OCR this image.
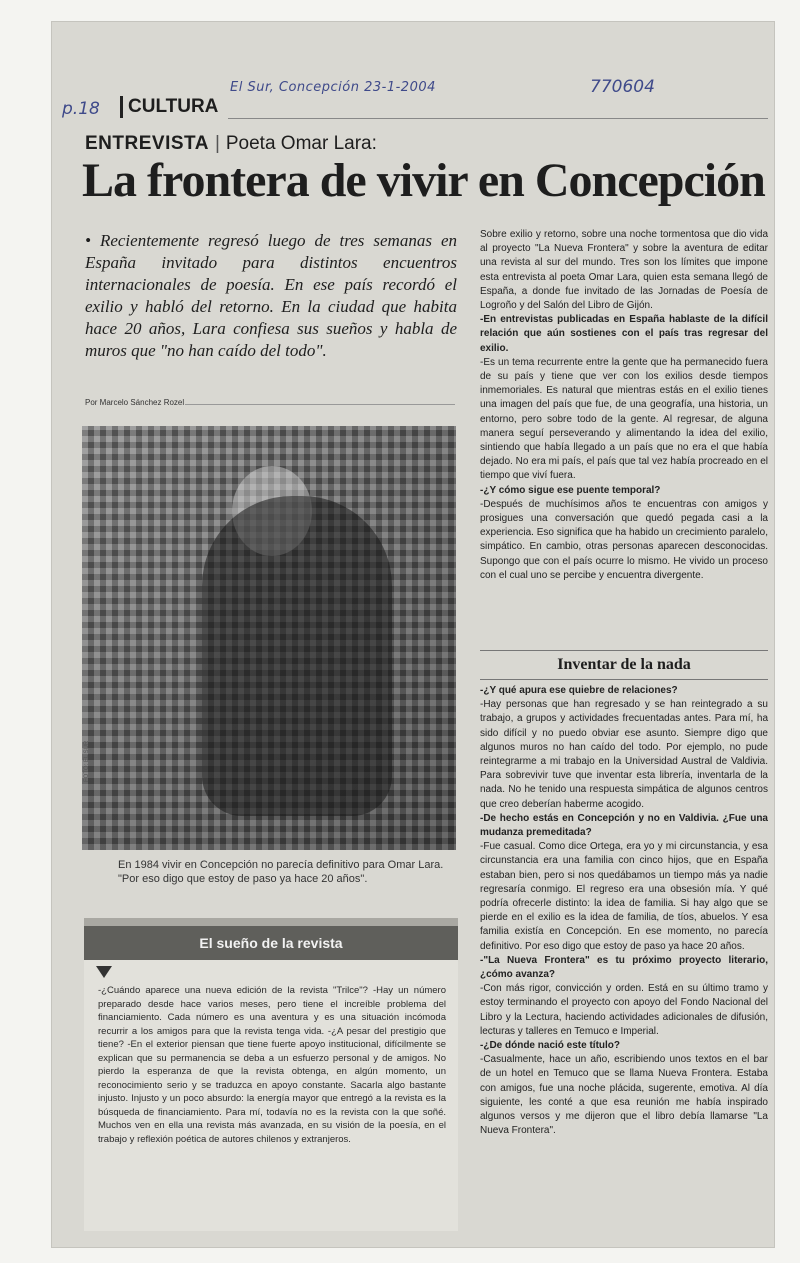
El Sur, Concepción 23-1-2004	770604
p.18	CULTURA
ENTREVISTA | Poeta Omar Lara:
La frontera de vivir en Concepción

• Recientemente regresó luego de tres semanas en España invitado para distintos encuentros internacionales de poesía. En ese país recordó el exilio y habló del retorno. En la ciudad que habita hace 20 años, Lara confiesa sus sueños y habla de muros que "no han caído del todo".

Por Marcelo Sánchez Rozel
FOTO: EL SUR

En 1984 vivir en Concepción no parecía definitivo para Omar Lara. "Por eso digo que estoy de paso ya hace 20 años".

El sueño de la revista

-¿Cuándo aparece una nueva edición de la revista "Trilce"? -Hay un número preparado desde hace varios meses, pero tiene el increíble problema del financiamiento. Cada número es una aventura y es una situación incómoda recurrir a los amigos para que la revista tenga vida. -¿A pesar del prestigio que tiene? -En el exterior piensan que tiene fuerte apoyo institucional, difícilmente se explican que su permanencia se deba a un esfuerzo personal y de amigos. No pierdo la esperanza de que la revista obtenga, en algún momento, un reconocimiento serio y se traduzca en apoyo constante. Sacarla algo bastante injusto. Injusto y un poco absurdo: la energía mayor que entregó a la revista es la búsqueda de financiamiento. Para mí, todavía no es la revista con la que soñé. Muchos ven en ella una revista más avanzada, en su visión de la poesía, en el trabajo y reflexión poética de autores chilenos y extranjeros.

Sobre exilio y retorno, sobre una noche tormentosa que dio vida al proyecto "La Nueva Frontera" y sobre la aventura de editar una revista al sur del mundo. Tres son los límites que impone esta entrevista al poeta Omar Lara, quien esta semana llegó de España, a donde fue invitado de las Jornadas de Poesía de Logroño y del Salón del Libro de Gijón.

-En entrevistas publicadas en España hablaste de la difícil relación que aún sostienes con el país tras regresar del exilio.

-Es un tema recurrente entre la gente que ha permanecido fuera de su país y tiene que ver con los exilios desde tiempos inmemoriales. Es natural que mientras estás en el exilio tienes una imagen del país que fue, de una geografía, una historia, un entorno, pero sobre todo de la gente. Al regresar, de alguna manera seguí perseverando y alimentando la idea del exilio, sintiendo que había llegado a un país que no era el que había dejado. No era mi país, el país que tal vez había procreado en el tiempo que viví fuera.

-¿Y cómo sigue ese puente temporal?

-Después de muchísimos años te encuentras con amigos y prosigues una conversación que quedó pegada casi a la experiencia. Eso significa que ha habido un crecimiento paralelo, simpático. En cambio, otras personas aparecen desconocidas. Supongo que con el país ocurre lo mismo. He vivido un proceso con el cual uno se percibe y encuentra divergente.

Inventar de la nada

-¿Y qué apura ese quiebre de relaciones?

-Hay personas que han regresado y se han reintegrado a su trabajo, a grupos y actividades frecuentadas antes. Para mí, ha sido difícil y no puedo obviar ese asunto. Siempre digo que algunos muros no han caído del todo. Por ejemplo, no pude reintegrarme a mi trabajo en la Universidad Austral de Valdivia. Para sobrevivir tuve que inventar esta librería, inventarla de la nada. No he tenido una respuesta simpática de algunos centros que creo deberían haberme acogido.

-De hecho estás en Concepción y no en Valdivia. ¿Fue una mudanza premeditada?

-Fue casual. Como dice Ortega, era yo y mi circunstancia, y esa circunstancia era una familia con cinco hijos, que en España estaban bien, pero si nos quedábamos un tiempo más ya nadie regresaría conmigo. El regreso era una obsesión mía. Y qué podría ofrecerle distinto: la idea de familia. Si hay algo que se pierde en el exilio es la idea de familia, de tíos, abuelos. Y esa familia existía en Concepción. En ese momento, no parecía definitivo. Por eso digo que estoy de paso ya hace 20 años.

-"La Nueva Frontera" es tu próximo proyecto literario, ¿cómo avanza?

-Con más rigor, convicción y orden. Está en su último tramo y estoy terminando el proyecto con apoyo del Fondo Nacional del Libro y la Lectura, haciendo actividades adicionales de difusión, lecturas y talleres en Temuco e Imperial.

-¿De dónde nació este título?

-Casualmente, hace un año, escribiendo unos textos en el bar de un hotel en Temuco que se llama Nueva Frontera. Estaba con amigos, fue una noche plácida, sugerente, emotiva. Al día siguiente, les conté a que esa reunión me había inspirado algunos versos y me dijeron que el libro debía llamarse "La Nueva Frontera".
